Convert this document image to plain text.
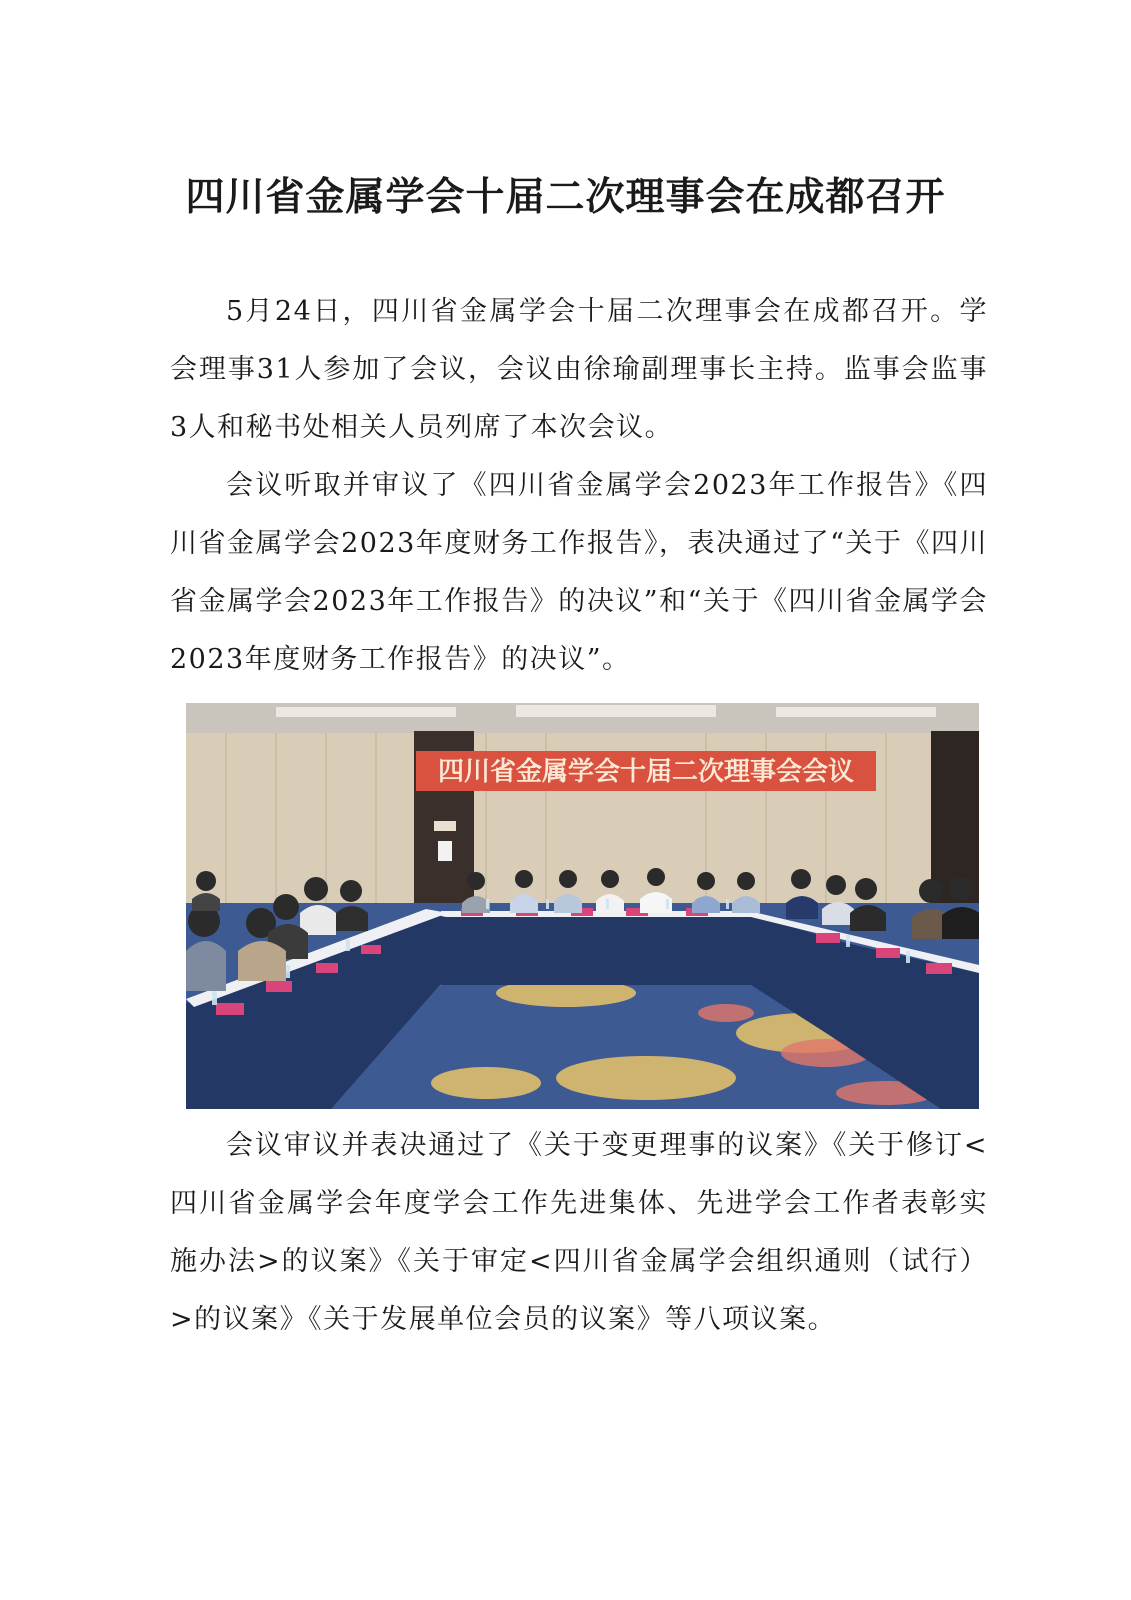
四川省金属学会十届二次理事会在成都召开

5月24日，四川省金属学会十届二次理事会在成都召开。学会理事31人参加了会议，会议由徐瑜副理事长主持。监事会监事3人和秘书处相关人员列席了本次会议。

会议听取并审议了《四川省金属学会2023年工作报告》《四川省金属学会2023年度财务工作报告》，表决通过了“关于《四川省金属学会2023年工作报告》的决议”和“关于《四川省金属学会2023年度财务工作报告》的决议”。

四川省金属学会十届二次理事会会议

会议审议并表决通过了《关于变更理事的议案》《关于修订<四川省金属学会年度学会工作先进集体、先进学会工作者表彰实施办法>的议案》《关于审定<四川省金属学会组织通则（试行）>的议案》《关于发展单位会员的议案》等八项议案。
